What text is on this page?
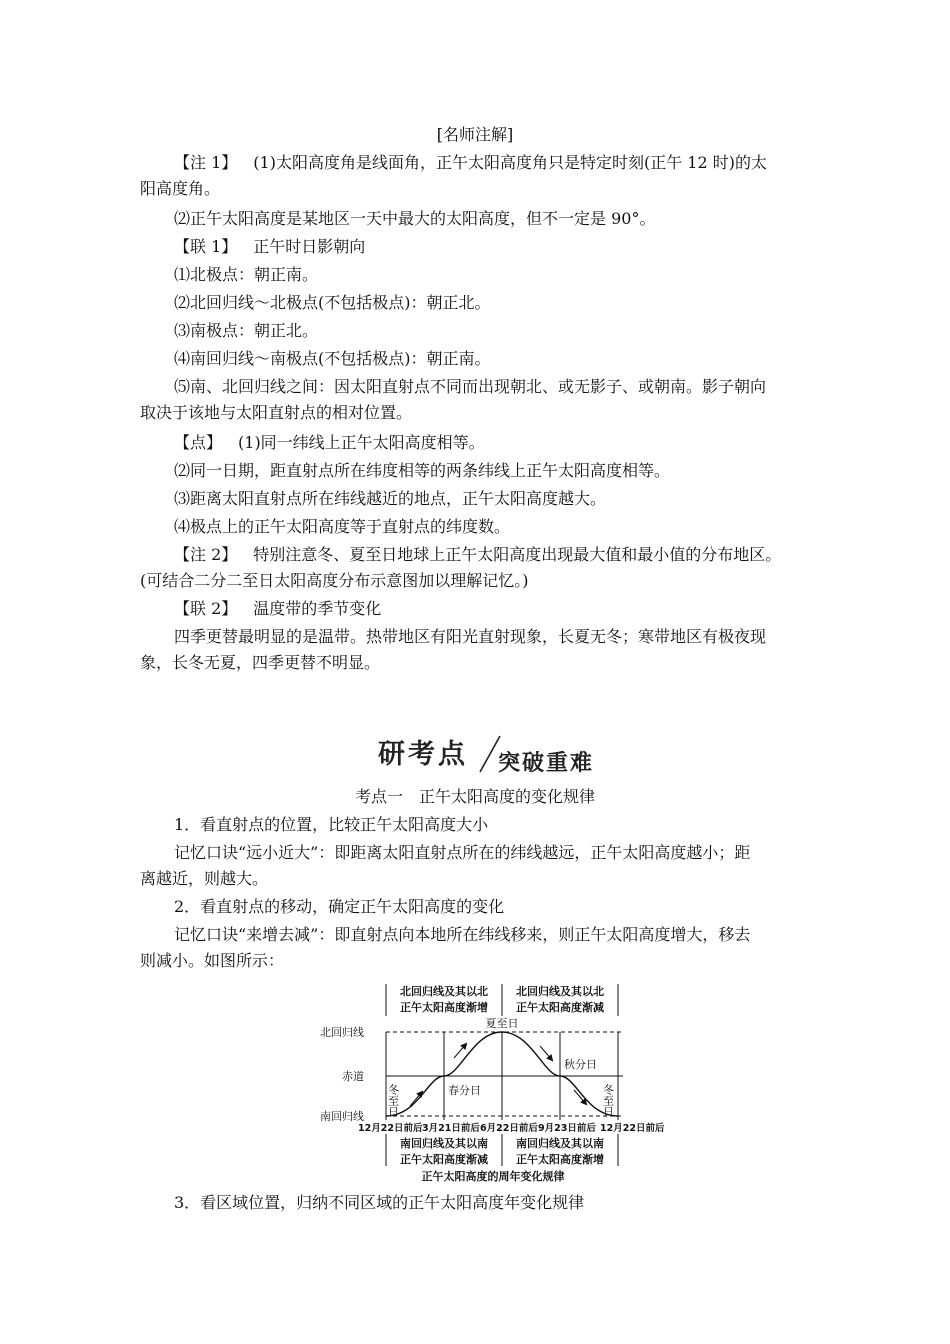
[名师注解]

【注 1】 (1)太阳高度角是线面角，正午太阳高度角只是特定时刻(正午 12 时)的太
阳高度角。

⑵正午太阳高度是某地区一天中最大的太阳高度，但不一定是 90°。

【联 1】 正午时日影朝向

⑴北极点：朝正南。

⑵北回归线～北极点(不包括极点)：朝正北。

⑶南极点：朝正北。

⑷南回归线～南极点(不包括极点)：朝正南。

⑸南、北回归线之间：因太阳直射点不同而出现朝北、或无影子、或朝南。影子朝向
取决于该地与太阳直射点的相对位置。

【点】 (1)同一纬线上正午太阳高度相等。

⑵同一日期，距直射点所在纬度相等的两条纬线上正午太阳高度相等。

⑶距离太阳直射点所在纬线越近的地点，正午太阳高度越大。

⑷极点上的正午太阳高度等于直射点的纬度数。

【注 2】 特别注意冬、夏至日地球上正午太阳高度出现最大值和最小值的分布地区。

(可结合二分二至日太阳高度分布示意图加以理解记忆。)

【联 2】 温度带的季节变化

四季更替最明显的是温带。热带地区有阳光直射现象，长夏无冬；寒带地区有极夜现
象，长冬无夏，四季更替不明显。

研考点 突破重难

考点一　正午太阳高度的变化规律

1．看直射点的位置，比较正午太阳高度大小

记忆口诀“远小近大”：即距离太阳直射点所在的纬线越远，正午太阳高度越小；距
离越近，则越大。

2．看直射点的移动，确定正午太阳高度的变化

记忆口诀“来增去减”：即直射点向本地所在纬线移来，则正午太阳高度增大，移去
则减小。如图所示：

北回归线及其以北
正午太阳高度渐增
北回归线及其以北
正午太阳高度渐减
北回归线
赤道
南回归线
夏至日
春分日
秋分日
冬至日	冬至日
12月22日前后 3月21日前后 6月22日前后 9月23日前后 12月22日前后
南回归线及其以南
正午太阳高度渐减
南回归线及其以南
正午太阳高度渐增
正午太阳高度的周年变化规律

3．看区域位置，归纳不同区域的正午太阳高度年变化规律
